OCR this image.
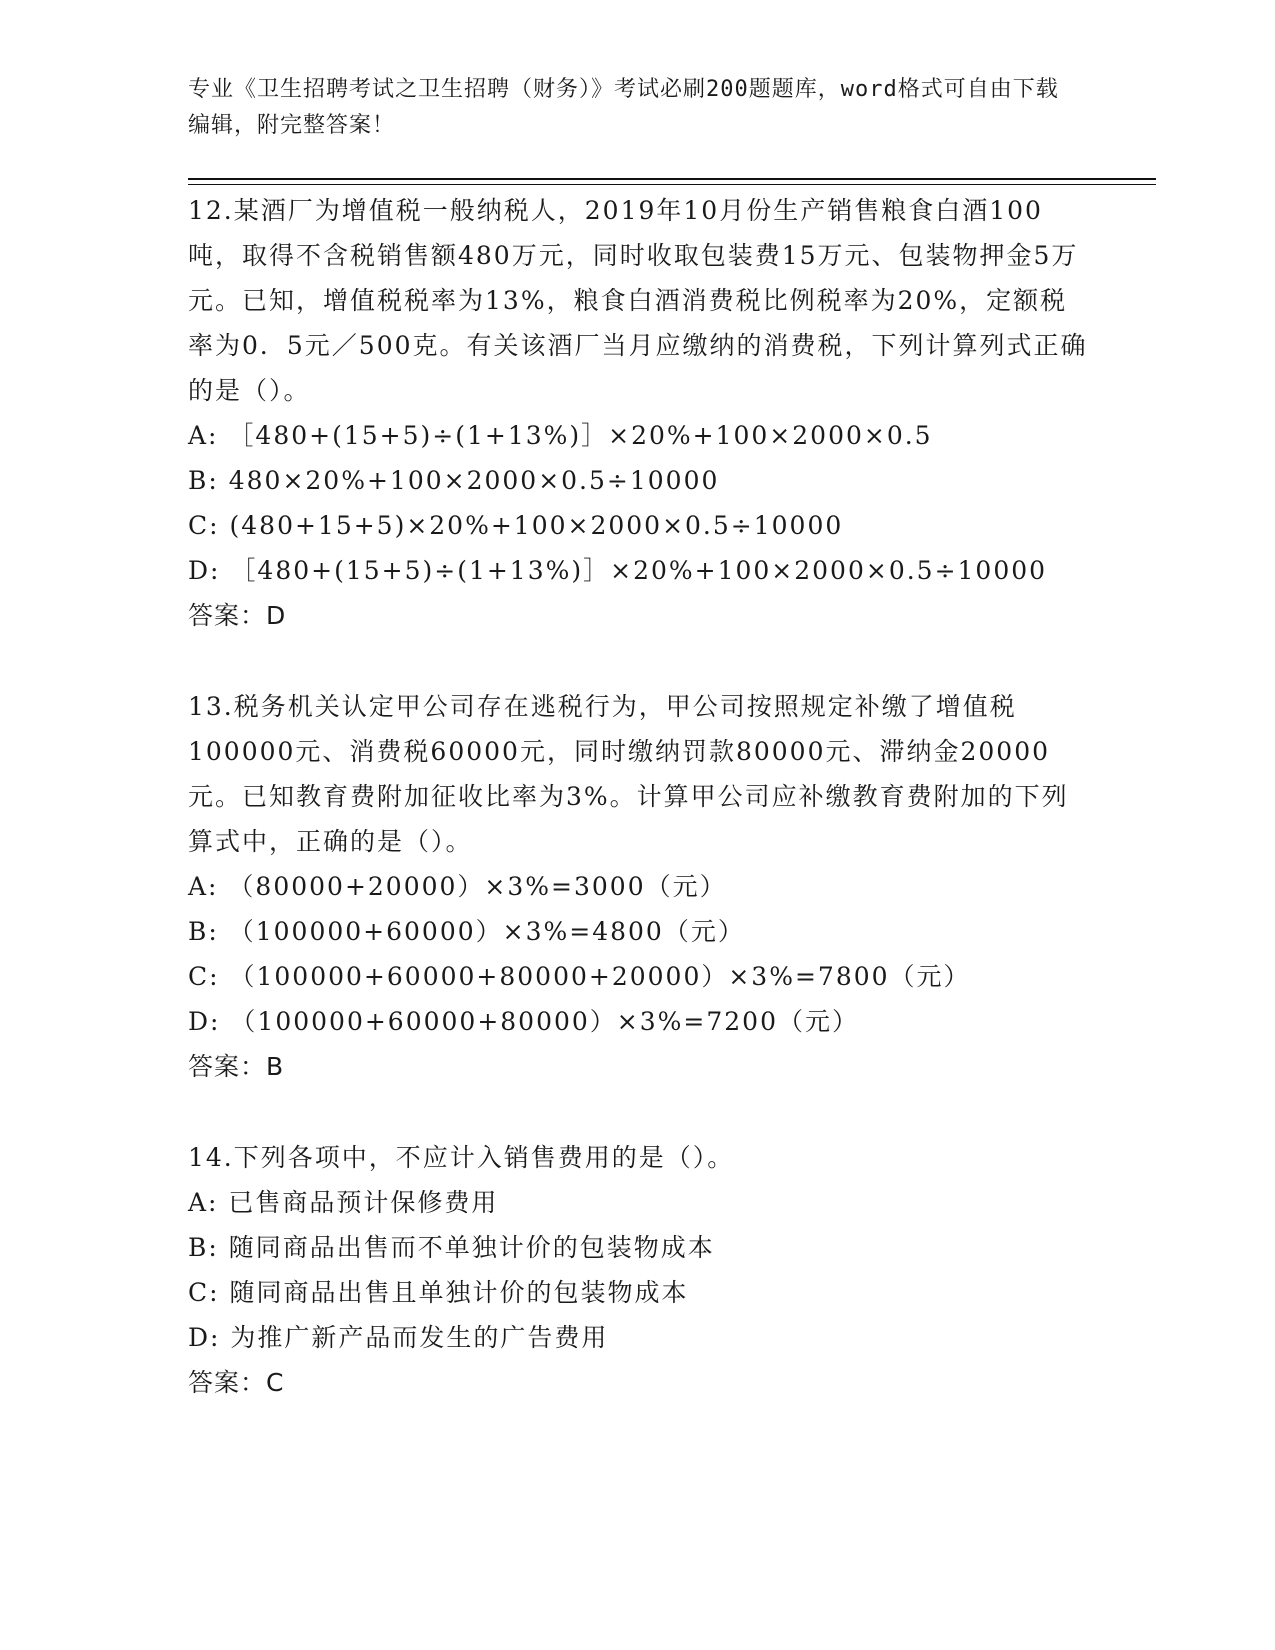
专业《卫生招聘考试之卫生招聘（财务）》考试必刷200题题库，word格式可自由下载编辑，附完整答案！

12.某酒厂为增值税一般纳税人，2019年10月份生产销售粮食白酒100吨，取得不含税销售额480万元，同时收取包装费15万元、包装物押金5万元。已知，增值税税率为13%，粮食白酒消费税比例税率为20%，定额税率为0．5元／500克。有关该酒厂当月应缴纳的消费税，下列计算列式正确的是（）。

A: ［480+(15+5)÷(1+13%)］×20%+100×2000×0.5

B: 480×20%+100×2000×0.5÷10000

C: (480+15+5)×20%+100×2000×0.5÷10000

D: ［480+(15+5)÷(1+13%)］×20%+100×2000×0.5÷10000

答案：D

13.税务机关认定甲公司存在逃税行为，甲公司按照规定补缴了增值税100000元、消费税60000元，同时缴纳罚款80000元、滞纳金20000元。已知教育费附加征收比率为3%。计算甲公司应补缴教育费附加的下列算式中，正确的是（）。

A: （80000+20000）×3%=3000（元）

B: （100000+60000）×3%=4800（元）

C: （100000+60000+80000+20000）×3%=7800（元）

D: （100000+60000+80000）×3%=7200（元）

答案：B

14.下列各项中，不应计入销售费用的是（）。

A: 已售商品预计保修费用

B: 随同商品出售而不单独计价的包装物成本

C: 随同商品出售且单独计价的包装物成本

D: 为推广新产品而发生的广告费用

答案：C
